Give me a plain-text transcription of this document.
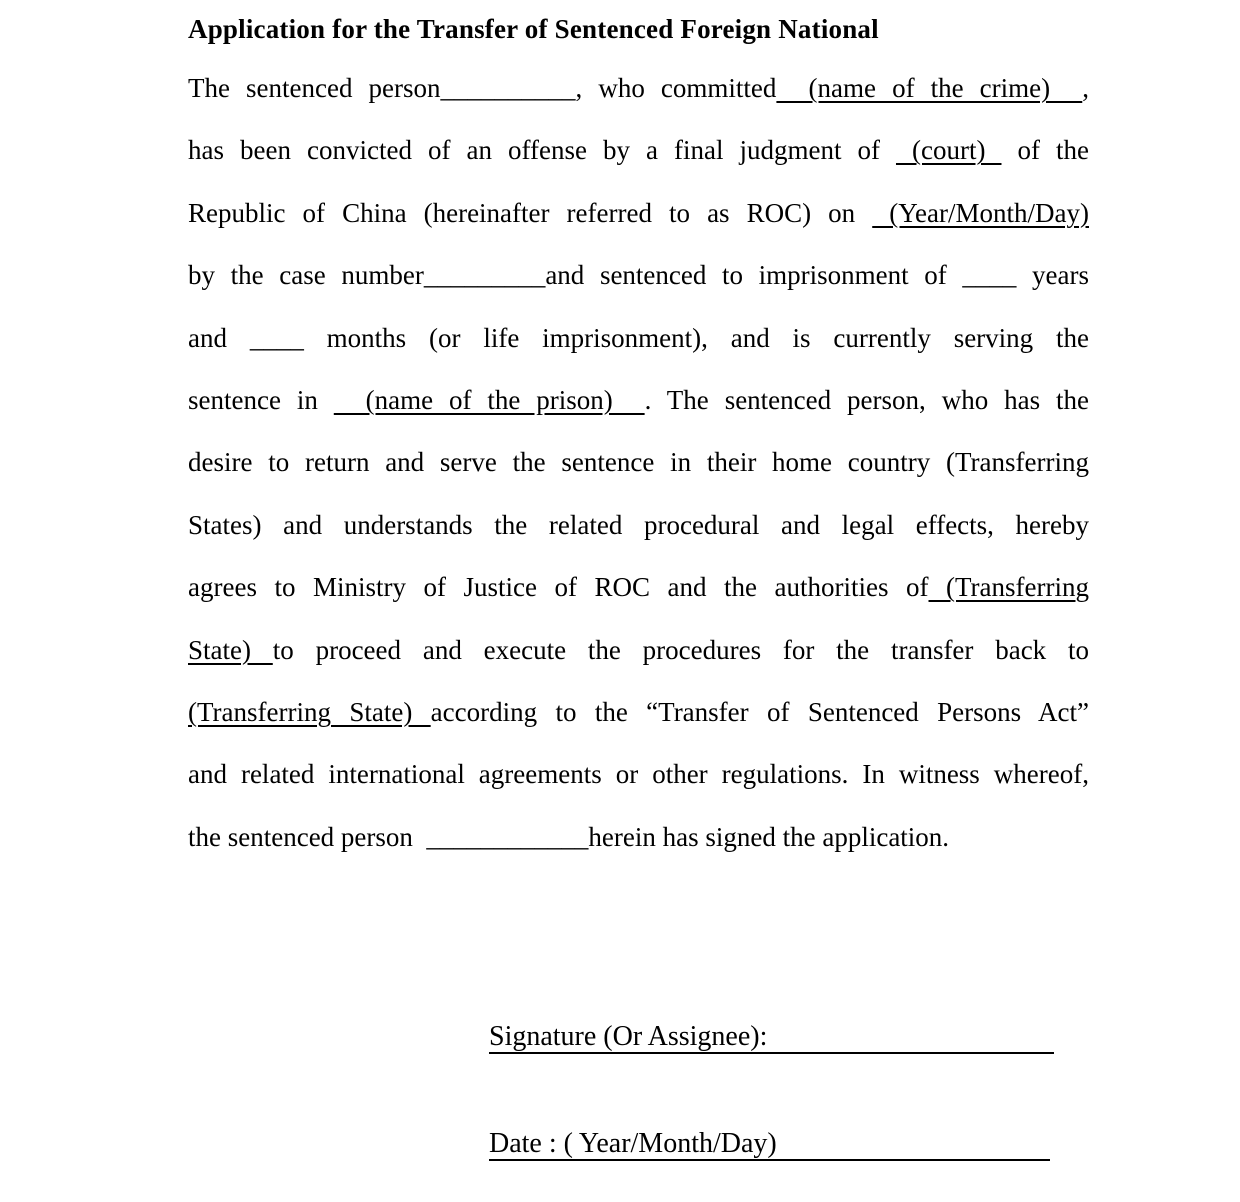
Application for the Transfer of Sentenced Foreign National
The sentenced person__________, who committed  (name of the crime)  ,
has been convicted of an offense by a final judgment of  (court)  of the
Republic of China (hereinafter referred to as ROC) on  (Year/Month/Day)
by the case number_________and sentenced to imprisonment of ____ years
and ____ months (or life imprisonment), and is currently serving the
sentence in   (name of the prison)  . The sentenced person, who has the
desire to return and serve the sentence in their home country (Transferring
States) and understands the related procedural and legal effects, hereby
agrees to Ministry of Justice of ROC and the authorities of (Transferring
State) to proceed and execute the procedures for the transfer back to
(Transferring State) according to the “Transfer of Sentenced Persons Act”
and related international agreements or other regulations. In witness whereof,
the sentenced person  ____________herein has signed the application.
Signature (Or Assignee):
Date : ( Year/Month/Day)
